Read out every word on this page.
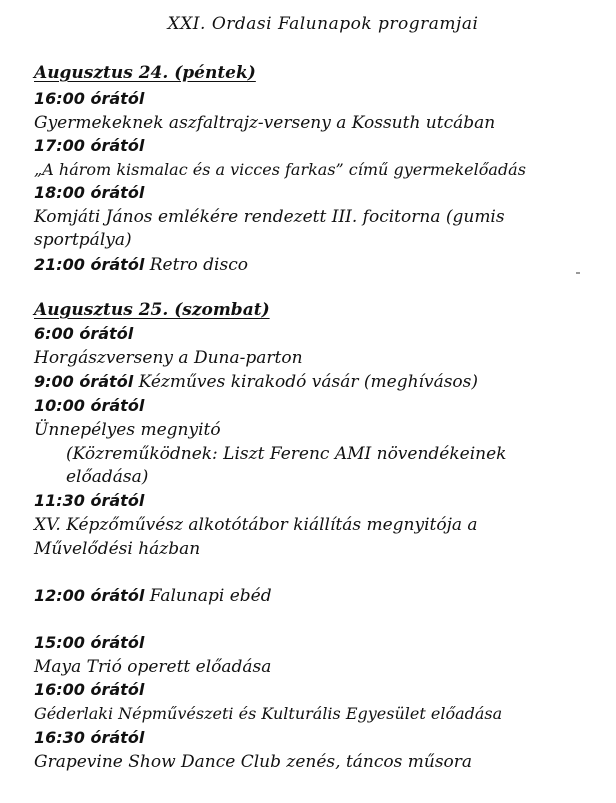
XXI. Ordasi Falunapok programjai
Augusztus 24. (péntek)
16:00 órától
Gyermekeknek aszfaltrajz-verseny a Kossuth utcában
17:00 órától
„A három kismalac és a vicces farkas” című gyermekelőadás
18:00 órától
Komjáti János emlékére rendezett III. focitorna (gumis
sportpálya)
21:00 órától Retro disco
Augusztus 25. (szombat)
6:00 órától
Horgászverseny a Duna-parton
9:00 órától Kézműves kirakodó vásár (meghívásos)
10:00 órától
Ünnepélyes megnyitó
(Közreműködnek: Liszt Ferenc AMI növendékeinek
előadása)
11:30 órától
XV. Képzőművész alkotótábor kiállítás megnyitója a
Művelődési házban
12:00 órától Falunapi ebéd
15:00 órától
Maya Trió operett előadása
16:00 órától
Géderlaki Népművészeti és Kulturális Egyesület előadása
16:30 órától
Grapevine Show Dance Club zenés, táncos műsora
